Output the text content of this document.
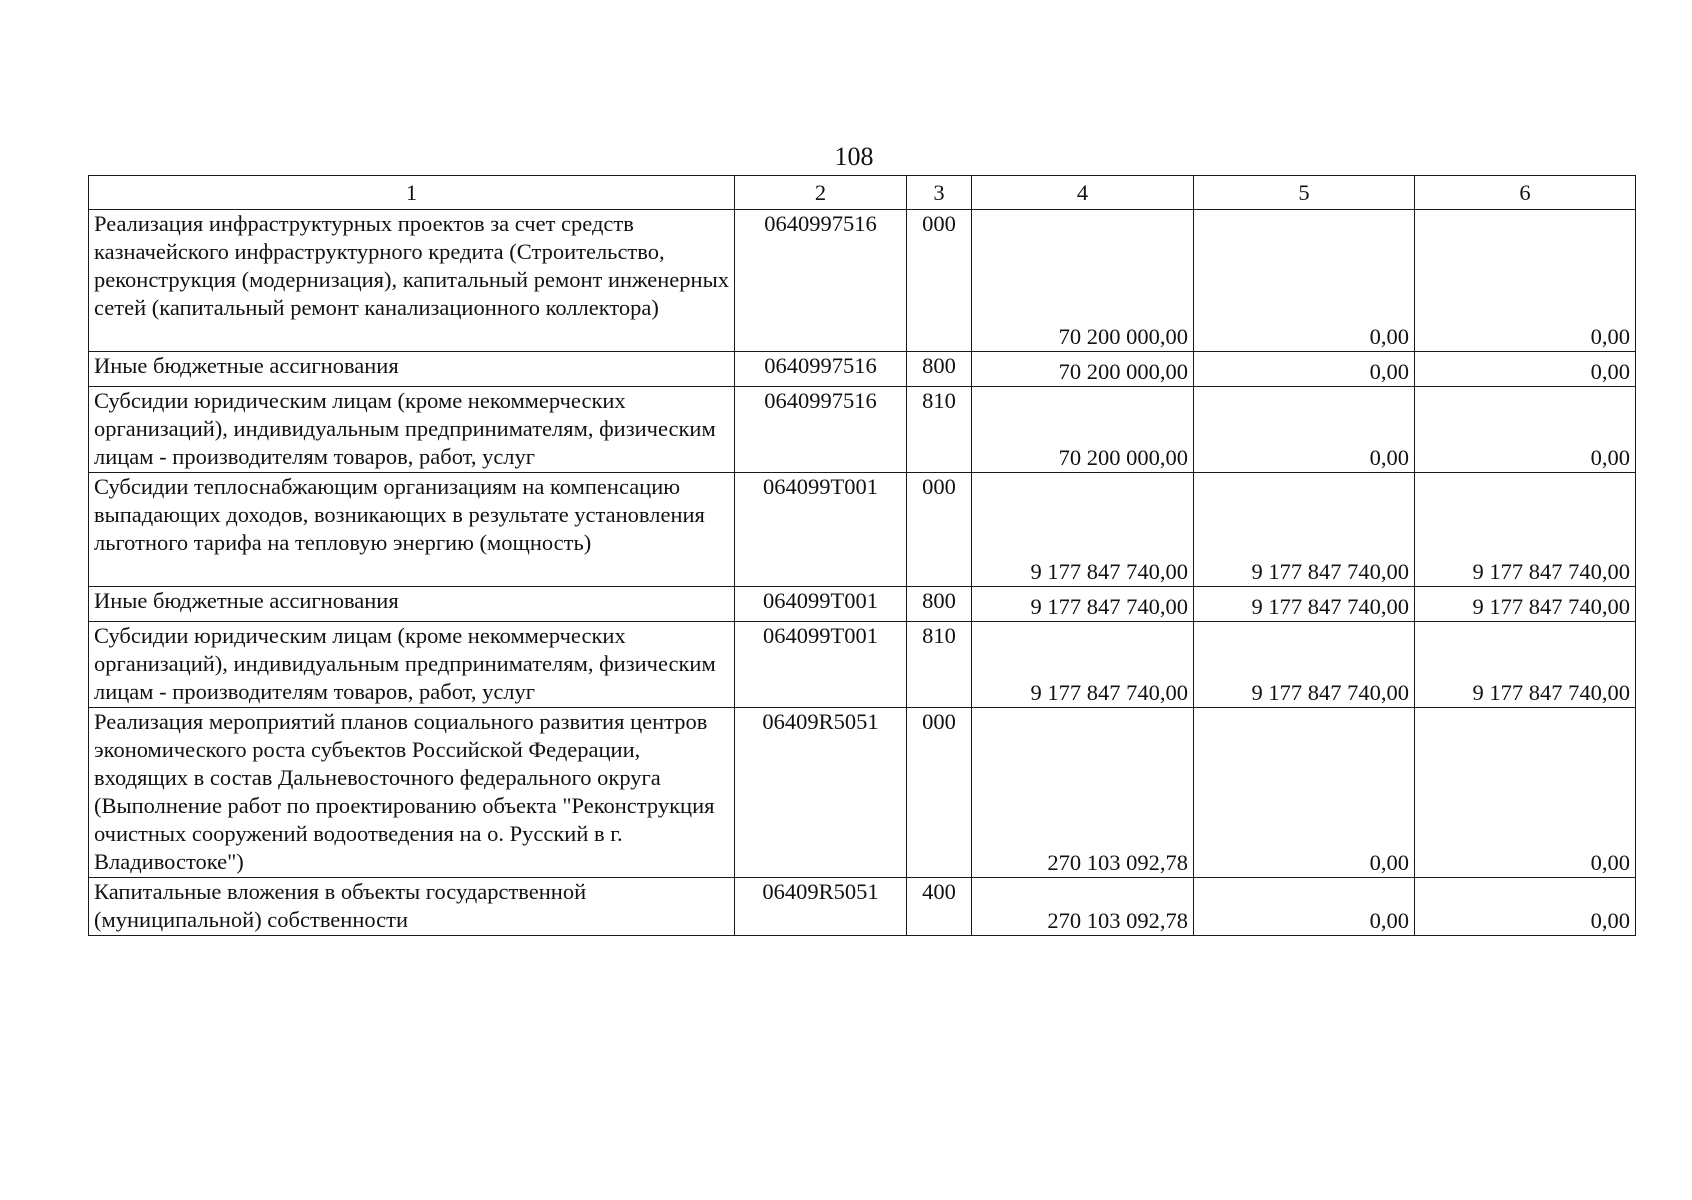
108
1	2	3	4	5	6
Реализация инфраструктурных проектов за счет средств казначейского инфраструктурного кредита (Строительство, реконструкция (модернизация), капитальный ремонт инженерных сетей (капитальный ремонт канализационного коллектора)	0640997516	000	70 200 000,00	0,00	0,00
Иные бюджетные ассигнования	0640997516	800	70 200 000,00	0,00	0,00
Субсидии юридическим лицам (кроме некоммерческих организаций), индивидуальным предпринимателям, физическим лицам - производителям товаров, работ, услуг	0640997516	810	70 200 000,00	0,00	0,00
Субсидии теплоснабжающим организациям на компенсацию выпадающих доходов, возникающих в результате установления льготного тарифа на тепловую энергию (мощность)	064099Т001	000	9 177 847 740,00	9 177 847 740,00	9 177 847 740,00
Иные бюджетные ассигнования	064099Т001	800	9 177 847 740,00	9 177 847 740,00	9 177 847 740,00
Субсидии юридическим лицам (кроме некоммерческих организаций), индивидуальным предпринимателям, физическим лицам - производителям товаров, работ, услуг	064099Т001	810	9 177 847 740,00	9 177 847 740,00	9 177 847 740,00
Реализация мероприятий планов социального развития центров экономического роста субъектов Российской Федерации, входящих в состав Дальневосточного федерального округа (Выполнение работ по проектированию объекта "Реконструкция очистных сооружений водоотведения на о. Русский в г. Владивостоке")	06409R5051	000	270 103 092,78	0,00	0,00
Капитальные вложения в объекты государственной (муниципальной) собственности	06409R5051	400	270 103 092,78	0,00	0,00
